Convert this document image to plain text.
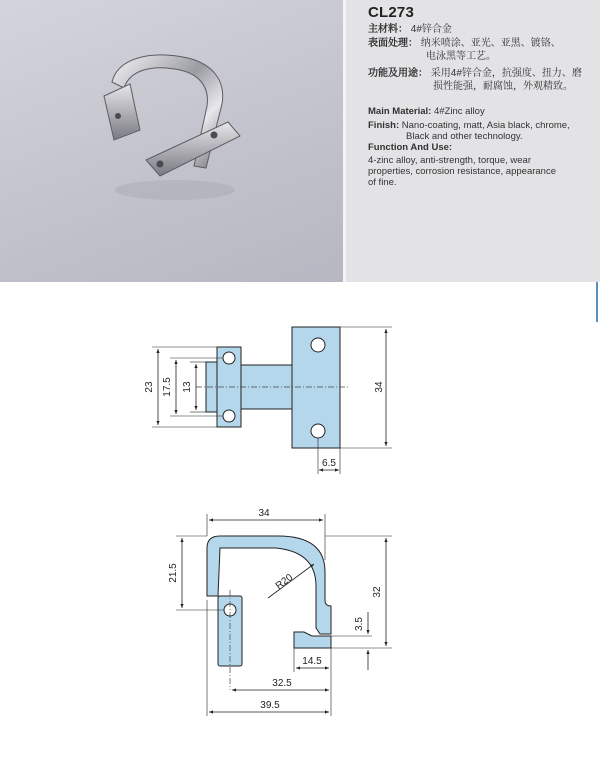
CL273
主材料： 4#锌合金
表面处理： 纳米喷涂、亚光、亚黑、镀铬、
电泳黑等工艺。
功能及用途： 采用4#锌合金，抗强度、扭力、磨
损性能强，耐腐蚀，外观精致。
Main Material: 4#Zinc alloy
Finish: Nano-coating, matt, Asia black, chrome,
Black and other technology.
Function And Use:
4-zinc alloy, anti-strength, torque, wear
properties, corrosion resistance, appearance
of fine.
23 17.5 13	34
6.5
34
21.5	R20
32
3.5
14.5
32.5
39.5
